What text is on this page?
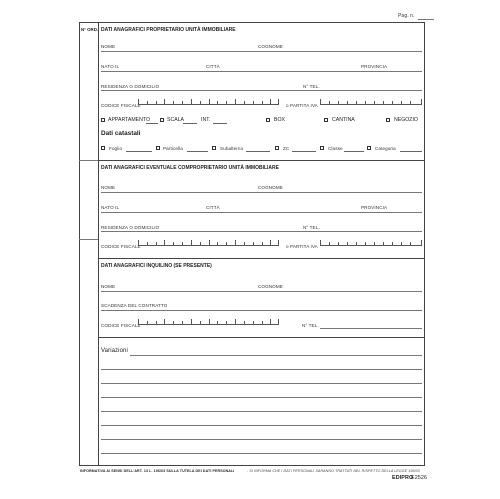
Pag. n.
N° ORD. DATI ANAGRAFICI PROPRIETARIO UNITÀ IMMOBILIARE
NOME	COGNOME
NATO IL	CITTÀ	PROVINCIA
RESIDENZA O DOMICILIO	N° TEL.
CODICE FISCALE	o PARTITA IVA
APPARTAMENTO	SCALA	INT.	BOX	CANTINA	NEGOZIO
Dati catastali
Foglio	Particella	Subalterno	ZC	Classe	Categoria
DATI ANAGRAFICI EVENTUALE COMPROPRIETARIO UNITÀ IMMOBILIARE
NOME	COGNOME
NATO IL	CITTÀ	PROVINCIA
RESIDENZA O DOMICILIO	N° TEL.
CODICE FISCALE	o PARTITA IVA
DATI ANAGRAFICI INQUILINO (SE PRESENTE)
NOME	COGNOME
SCADENZA DEL CONTRATTO
CODICE FISCALE	N° TEL.
Variazioni
INFORMATIVA AI SENSI DELL'ART. 13 L. 196/03 SULLA TUTELA DEI DATI PERSONALI	- SI INFORMA CHE I DATI PERSONALI SARANNO TRATTATI NEL RISPETTO DELLA LEGGE 196/03
EDIPRO
E2526
